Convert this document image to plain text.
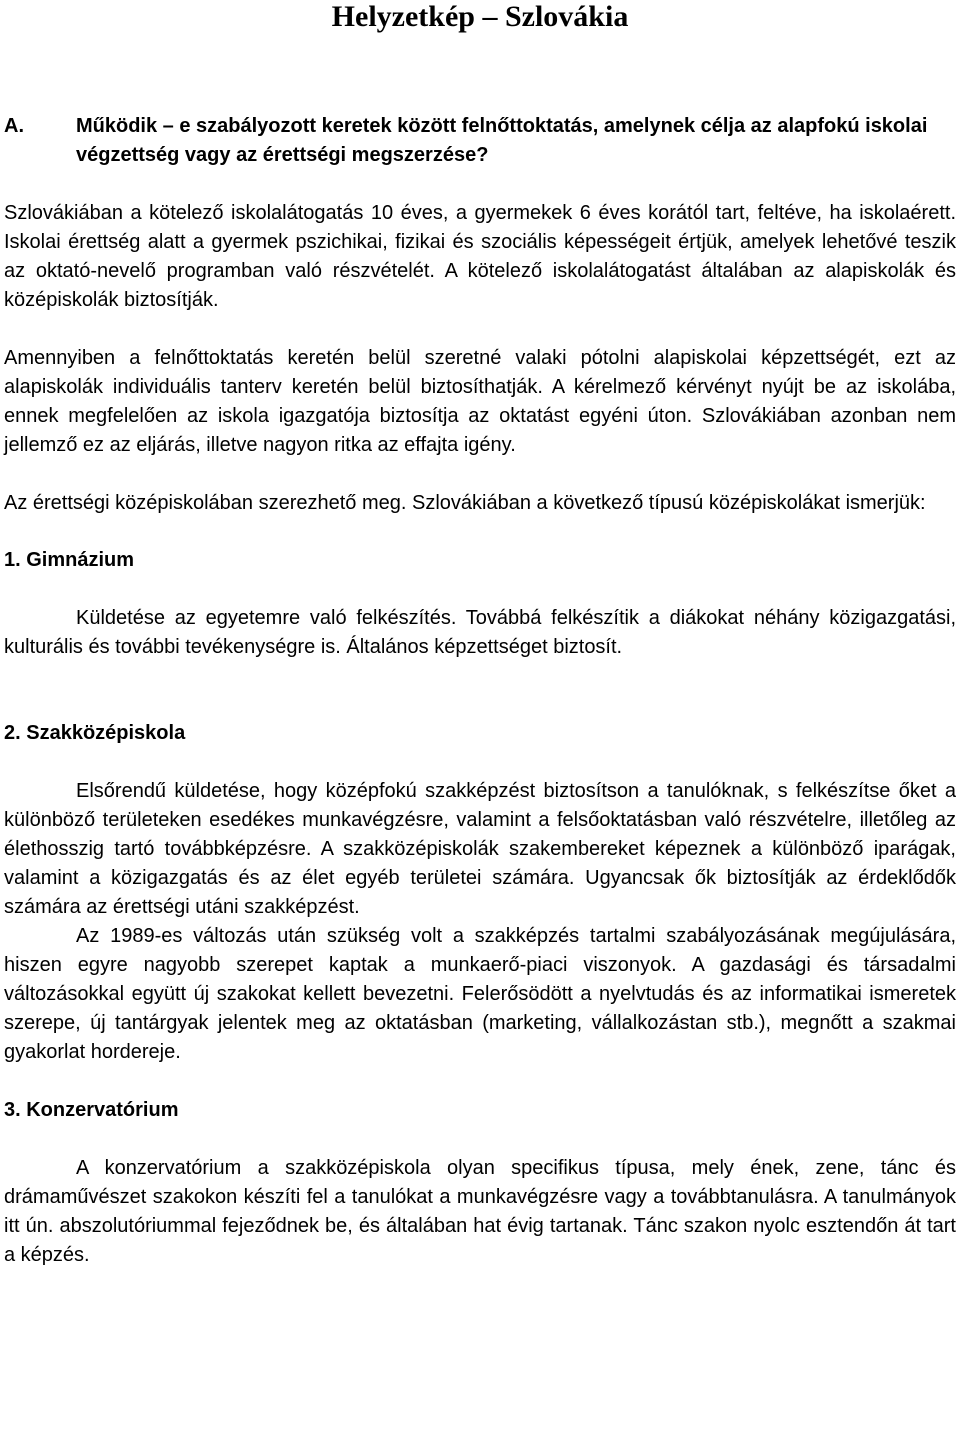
Helyzetkép – Szlovákia
A.	Működik – e szabályozott keretek között felnőttoktatás, amelynek célja az alapfokú iskolai végzettség vagy az érettségi megszerzése?

Szlovákiában a kötelező iskolalátogatás 10 éves, a gyermekek 6 éves korától tart, feltéve, ha iskolaérett. Iskolai érettség alatt a gyermek pszichikai, fizikai és szociális képességeit értjük, amelyek lehetővé teszik az oktató-nevelő programban való részvételét. A kötelező iskolalátogatást általában az alapiskolák és középiskolák biztosítják.

Amennyiben a felnőttoktatás keretén belül szeretné valaki pótolni alapiskolai képzettségét, ezt az alapiskolák individuális tanterv keretén belül biztosíthatják. A kérelmező kérvényt nyújt be az iskolába, ennek megfelelően az iskola igazgatója biztosítja az oktatást egyéni úton. Szlovákiában azonban nem jellemző ez az eljárás, illetve nagyon ritka az effajta igény.

Az érettségi középiskolában szerezhető meg. Szlovákiában a következő típusú középiskolákat ismerjük:

1. Gimnázium

Küldetése az egyetemre való felkészítés. Továbbá felkészítik a diákokat néhány közigazgatási, kulturális és további tevékenységre is. Általános képzettséget biztosít.

2. Szakközépiskola

Elsőrendű küldetése, hogy középfokú szakképzést biztosítson a tanulóknak, s felkészítse őket a különböző területeken esedékes munkavégzésre, valamint a felsőoktatásban való részvételre, illetőleg az élethosszig tartó továbbképzésre. A szakközépiskolák szakembereket képeznek a különböző iparágak, valamint a közigazgatás és az élet egyéb területei számára. Ugyancsak ők biztosítják az érdeklődők számára az érettségi utáni szakképzést.

Az 1989-es változás után szükség volt a szakképzés tartalmi szabályozásának megújulására, hiszen egyre nagyobb szerepet kaptak a munkaerő-piaci viszonyok. A gazdasági és társadalmi változásokkal együtt új szakokat kellett bevezetni. Felerősödött a nyelvtudás és az informatikai ismeretek szerepe, új tantárgyak jelentek meg az oktatásban (marketing, vállalkozástan stb.), megnőtt a szakmai gyakorlat hordereje.

3. Konzervatórium

A konzervatórium a szakközépiskola olyan specifikus típusa, mely ének, zene, tánc és drámaművészet szakokon készíti fel a tanulókat a munkavégzésre vagy a továbbtanulásra. A tanulmányok itt ún. abszolutóriummal fejeződnek be, és általában hat évig tartanak. Tánc szakon nyolc esztendőn át tart a képzés.
